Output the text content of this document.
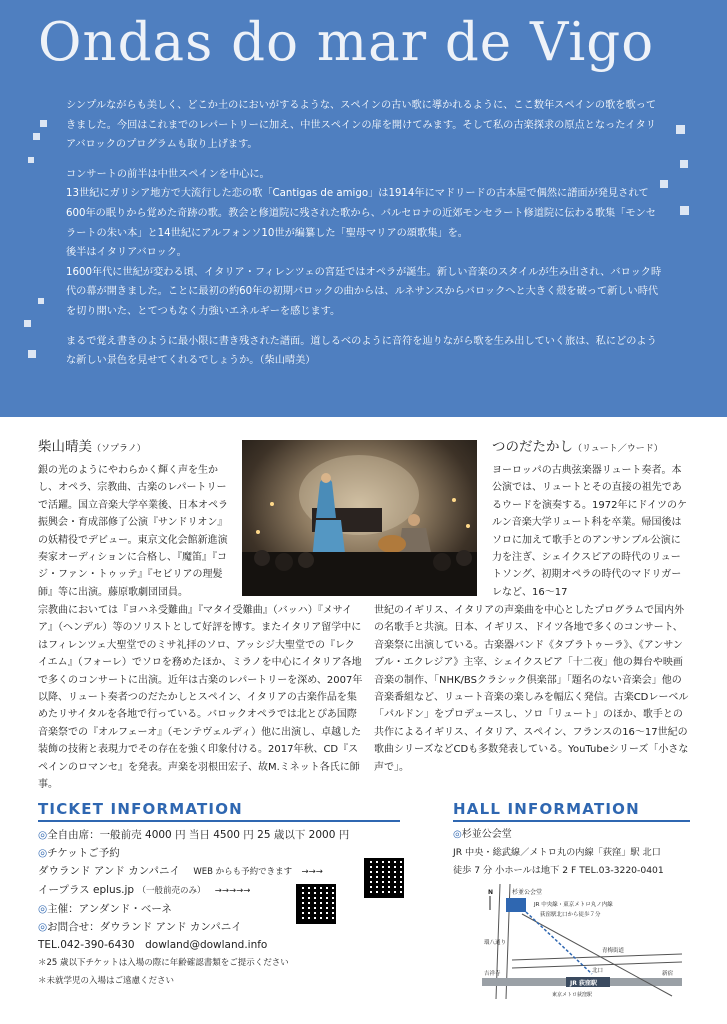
Ondas do mar de Vigo

シンプルながらも美しく、どこか土のにおいがするような、スペインの古い歌に導かれるように、ここ数年スペインの歌を歌ってきました。今回はこれまでのレパートリーに加え、中世スペインの扉を開けてみます。そして私の古楽探求の原点となったイタリアバロックのプログラムも取り上げます。

コンサートの前半は中世スペインを中心に。

13世紀にガリシア地方で大流行した恋の歌「Cantigas de amigo」は1914年にマドリードの古本屋で偶然に譜面が発見されて600年の眠りから覚めた奇跡の歌。教会と修道院に残された歌から、バルセロナの近郊モンセラート修道院に伝わる歌集「モンセラートの朱い本」と14世紀にアルフォンソ10世が編纂した「聖母マリアの頌歌集」を。

後半はイタリアバロック。

1600年代に世紀が変わる頃、イタリア・フィレンツェの宮廷ではオペラが誕生。新しい音楽のスタイルが生み出され、バロック時代の幕が開きました。ことに最初の約60年の初期バロックの曲からは、ルネサンスからバロックへと大きく殻を破って新しい時代を切り開いた、とてつもなく力強いエネルギーを感じます。

まるで覚え書きのように最小限に書き残された譜面。道しるべのように音符を辿りながら歌を生み出していく旅は、私にどのような新しい景色を見せてくれるでしょうか。（柴山晴美）

柴山晴美（ソプラノ）

銀の光のようにやわらかく輝く声を生かし、オペラ、宗教曲、古楽のレパートリーで活躍。国立音楽大学卒業後、日本オペラ振興会・育成部修了公演『サンドリオン』の妖精役でデビュー。東京文化会館新進演奏家オーディションに合格し、『魔笛』『コジ・ファン・トゥッテ』『セビリアの理髪師』等に出演。藤原歌劇団団員。

宗教曲においては『ヨハネ受難曲』『マタイ受難曲』（バッハ）『メサイア』（ヘンデル）等のソリストとして好評を博す。またイタリア留学中にはフィレンツェ大聖堂でのミサ礼拝のソロ、アッシジ大聖堂での『レクイエム』（フォーレ）でソロを務めたほか、ミラノを中心にイタリア各地で多くのコンサートに出演。近年は古楽のレパートリーを深め、2007年以降、リュート奏者つのだたかしとスペイン、イタリアの古楽作品を集めたリサイタルを各地で行っている。バロックオペラでは北とぴあ国際音楽祭での『オルフェーオ』（モンテヴェルディ）他に出演し、卓越した装飾の技術と表現力でその存在を強く印象付ける。2017年秋、CD『スペインのロマンセ』を発表。声楽を羽根田宏子、故M.ミネット各氏に師事。

つのだたかし（リュート／ウード）

ヨーロッパの古典弦楽器リュート奏者。本公演では、リュートとその直接の祖先であるウードを演奏する。1972年にドイツのケルン音楽大学リュート科を卒業。帰国後はソロに加えて歌手とのアンサンブル公演に力を注ぎ、シェイクスピアの時代のリュートソング、初期オペラの時代のマドリガーレなど、16～17

世紀のイギリス、イタリアの声楽曲を中心としたプログラムで国内外の名歌手と共演。日本、イギリス、ドイツ各地で多くのコンサート、音楽祭に出演している。古楽器バンド《タブラトゥーラ》、《アンサンブル・エクレジア》主宰、シェイクスピア「十二夜」他の舞台や映画音楽の制作、「NHK/BSクラシック倶楽部」「題名のない音楽会」他の音楽番組など、リュート音楽の楽しみを幅広く発信。古楽CDレーベル「パルドン」をプロデュースし、ソロ「リュート」のほか、歌手との共作によるイギリス、イタリア、スペイン、フランスの16～17世紀の歌曲シリーズなどCDも多数発表している。YouTubeシリーズ「小さな声で」。

TICKET INFORMATION
◎ 全自由席：一般前売 4000 円 当日 4500 円 25 歳以下 2000 円
◎ チケットご予約
ダウランド アンド カンパニイ WEB からも予約できます →→→
イープラス eplus.jp （一般前売のみ） →→→→→
◎ 主催：アンダンド・ベーネ
◎ お問合せ：ダウランド アンド カンパニイ
TEL.042-390-6430　dowland@dowland.info
＊25 歳以下チケットは入場の際に年齢確認書類をご提示ください
＊未就学児の入場はご遠慮ください
HALL INFORMATION
◎ 杉並公会堂
JR 中央・総武線／メトロ丸の内線「荻窪」駅 北口
徒歩 7 分 小ホールは地下 2 F TEL.03-3220-0401
N	杉並公会堂
JR 中央線・東京メトロ丸ノ内線
荻窪駅北口から徒歩７分
環八通り
青梅街道
北口
JR 荻窪駅
吉祥寺	新宿
東京メトロ荻窪駅
